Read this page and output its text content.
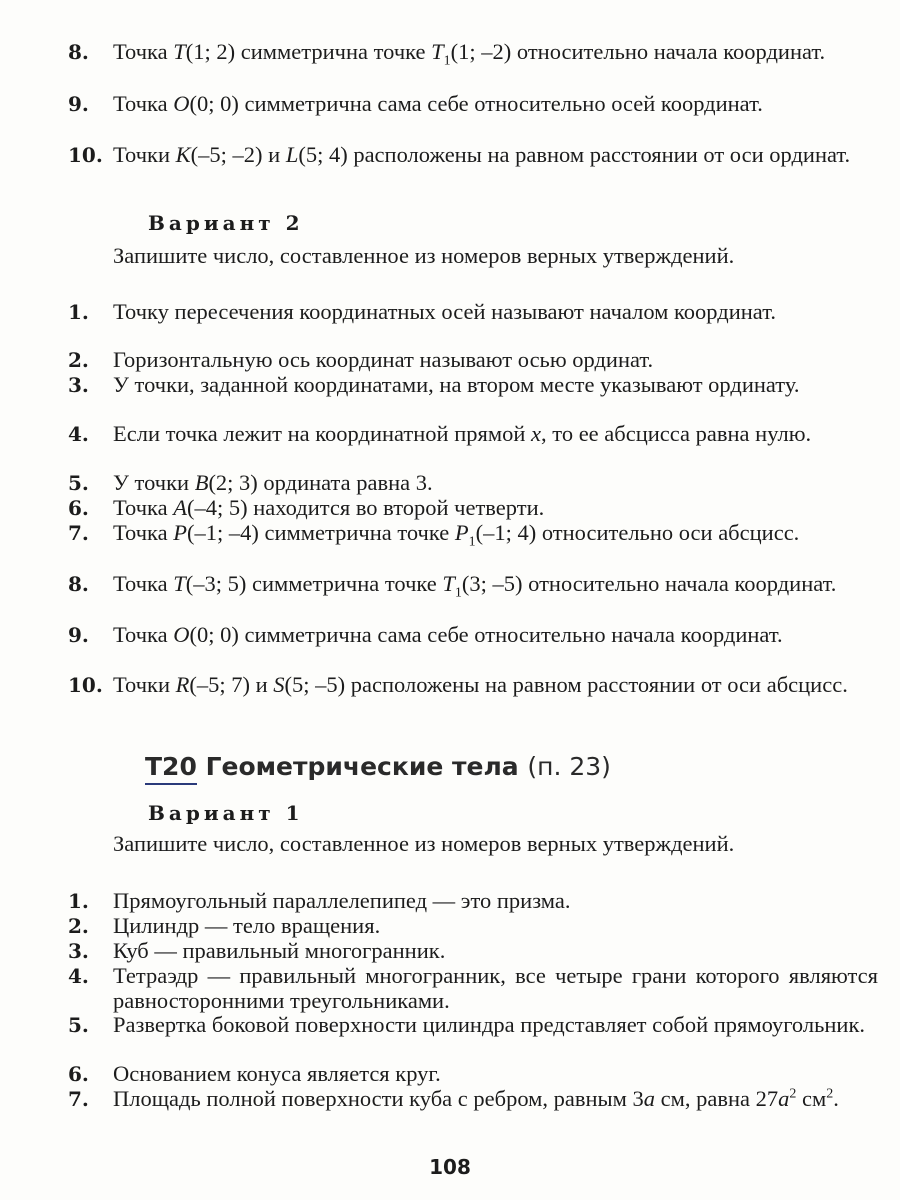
8. Точка T(1; 2) симметрична точке $T_1(1$; –2) относительно начала координат.
9. Точка O(0; 0) симметрична сама себе относительно осей координат.
10. Точки K(–5; –2) и L(5; 4) расположены на равном расстоянии от оси ординат.
Вариант 2
Запишите число, составленное из номеров верных утверждений.
1. Точку пересечения координатных осей называют началом координат.
2. Горизонтальную ось координат называют осью ординат.
3. У точки, заданной координатами, на втором месте указывают ординату.
4. Если точка лежит на координатной прямой x, то ее абсцисса равна нулю.
5. У точки B(2; 3) ордината равна 3.
6. Точка A(–4; 5) находится во второй четверти.
7. Точка P(–1; –4) симметрична точке $P_1(-1$; 4) относительно оси абсцисс.
8. Точка T(–3; 5) симметрична точке $T_1(3$; –5) относительно начала координат.
9. Точка O(0; 0) симметрична сама себе относительно начала координат.
10. Точки R(–5; 7) и S(5; –5) расположены на равном расстоянии от оси абсцисс.
T20 Геометрические тела (п. 23)
Вариант 1
Запишите число, составленное из номеров верных утверждений.
1. Прямоугольный параллелепипед — это призма.
2. Цилиндр — тело вращения.
3. Куб — правильный многогранник.
4. Тетраэдр — правильный многогранник, все четыре грани которого являются равносторонними треугольниками.
5. Развертка боковой поверхности цилиндра представляет собой прямоугольник.
6. Основанием конуса является круг.
7. Площадь полной поверхности куба с ребром, равным 3a см, равна $27a^2$ $см^2$.
108
